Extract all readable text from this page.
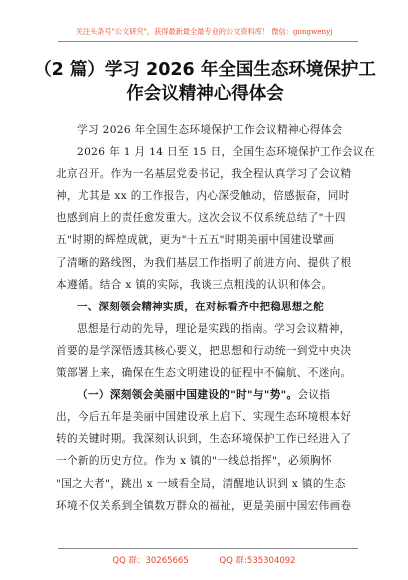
关注头条号"公文研究"，获得最新最全最专业的公文资料库！ 微信：gongwenyj
（2 篇）学习 2026 年全国生态环境保护工
作会议精神心得体会
学习 2026 年全国生态环境保护工作会议精神心得体会
2026 年 1 月 14 日至 15 日，全国生态环境保护工作会议在
北京召开。作为一名基层党委书记，我全程认真学习了会议精
神，尤其是 xx 的工作报告，内心深受触动，倍感振奋，同时
也感到肩上的责任愈发重大。这次会议不仅系统总结了"十四
五"时期的辉煌成就，更为"十五五"时期美丽中国建设擘画
了清晰的路线图，为我们基层工作指明了前进方向、提供了根
本遵循。结合 x 镇的实际，我谈三点粗浅的认识和体会。
一、深刻领会精神实质，在对标看齐中把稳思想之舵
思想是行动的先导，理论是实践的指南。学习会议精神，
首要的是学深悟透其核心要义，把思想和行动统一到党中央决
策部署上来，确保在生态文明建设的征程中不偏航、不迷向。
（一）深刻领会美丽中国建设的"时"与"势"。会议指
出，今后五年是美丽中国建设承上启下、实现生态环境根本好
转的关键时期。我深刻认识到，生态环境保护工作已经进入了
一个新的历史方位。作为 x 镇的"一线总指挥"，必须胸怀
"国之大者"，跳出 x 一域看全局，清醒地认识到 x 镇的生态
环境不仅关系到全镇数万群众的福祉，更是美丽中国宏伟画卷
QQ 群：30265665	QQ 群:535304092
